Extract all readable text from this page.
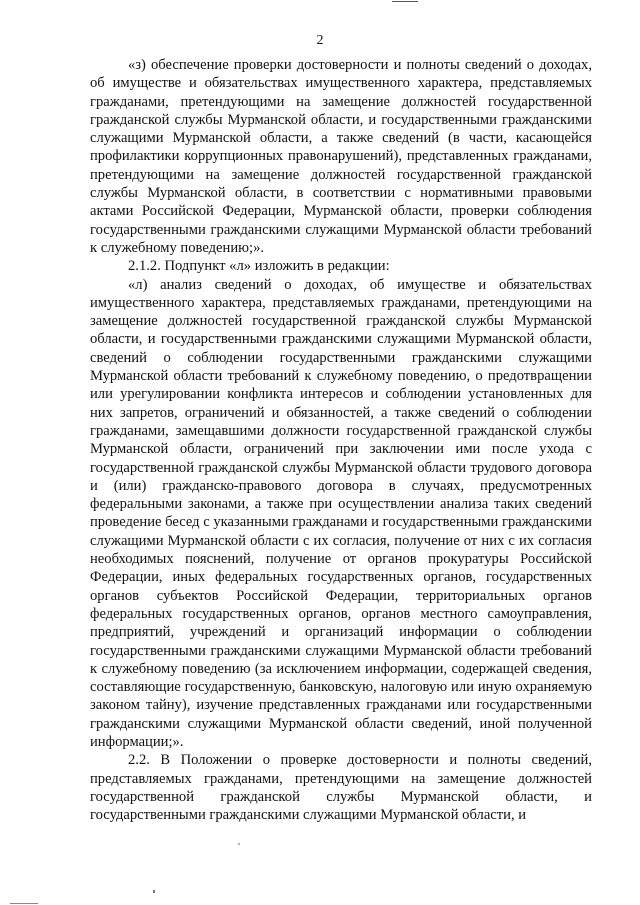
2

«з) обеспечение проверки достоверности и полноты сведений о доходах, об имуществе и обязательствах имущественного характера, представляемых гражданами, претендующими на замещение должностей государственной гражданской службы Мурманской области, и государственными гражданскими служащими Мурманской области, а также сведений (в части, касающейся профилактики коррупционных правонарушений), представленных гражданами, претендующими на замещение должностей государственной гражданской службы Мурманской области, в соответствии с нормативными правовыми актами Российской Федерации, Мурманской области, проверки соблюдения государственными гражданскими служащими Мурманской области требований к служебному поведению;».

2.1.2. Подпункт «л» изложить в редакции:

«л) анализ сведений о доходах, об имуществе и обязательствах имущественного характера, представляемых гражданами, претендующими на замещение должностей государственной гражданской службы Мурманской области, и государственными гражданскими служащими Мурманской области, сведений о соблюдении государственными гражданскими служащими Мурманской области требований к служебному поведению, о предотвращении или урегулировании конфликта интересов и соблюдении установленных для них запретов, ограничений и обязанностей, а также сведений о соблюдении гражданами, замещавшими должности государственной гражданской службы Мурманской области, ограничений при заключении ими после ухода с государственной гражданской службы Мурманской области трудового договора и (или) гражданско-правового договора в случаях, предусмотренных федеральными законами, а также при осуществлении анализа таких сведений проведение бесед с указанными гражданами и государственными гражданскими служащими Мурманской области с их согласия, получение от них с их согласия необходимых пояснений, получение от органов прокуратуры Российской Федерации, иных федеральных государственных органов, государственных органов субъектов Российской Федерации, территориальных органов федеральных государственных органов, органов местного самоуправления, предприятий, учреждений и организаций информации о соблюдении государственными гражданскими служащими Мурманской области требований к служебному поведению (за исключением информации, содержащей сведения, составляющие государственную, банковскую, налоговую или иную охраняемую законом тайну), изучение представленных гражданами или государственными гражданскими служащими Мурманской области сведений, иной полученной информации;».

2.2. В Положении о проверке достоверности и полноты сведений, представляемых гражданами, претендующими на замещение должностей государственной гражданской службы Мурманской области, и государственными гражданскими служащими Мурманской области, и
